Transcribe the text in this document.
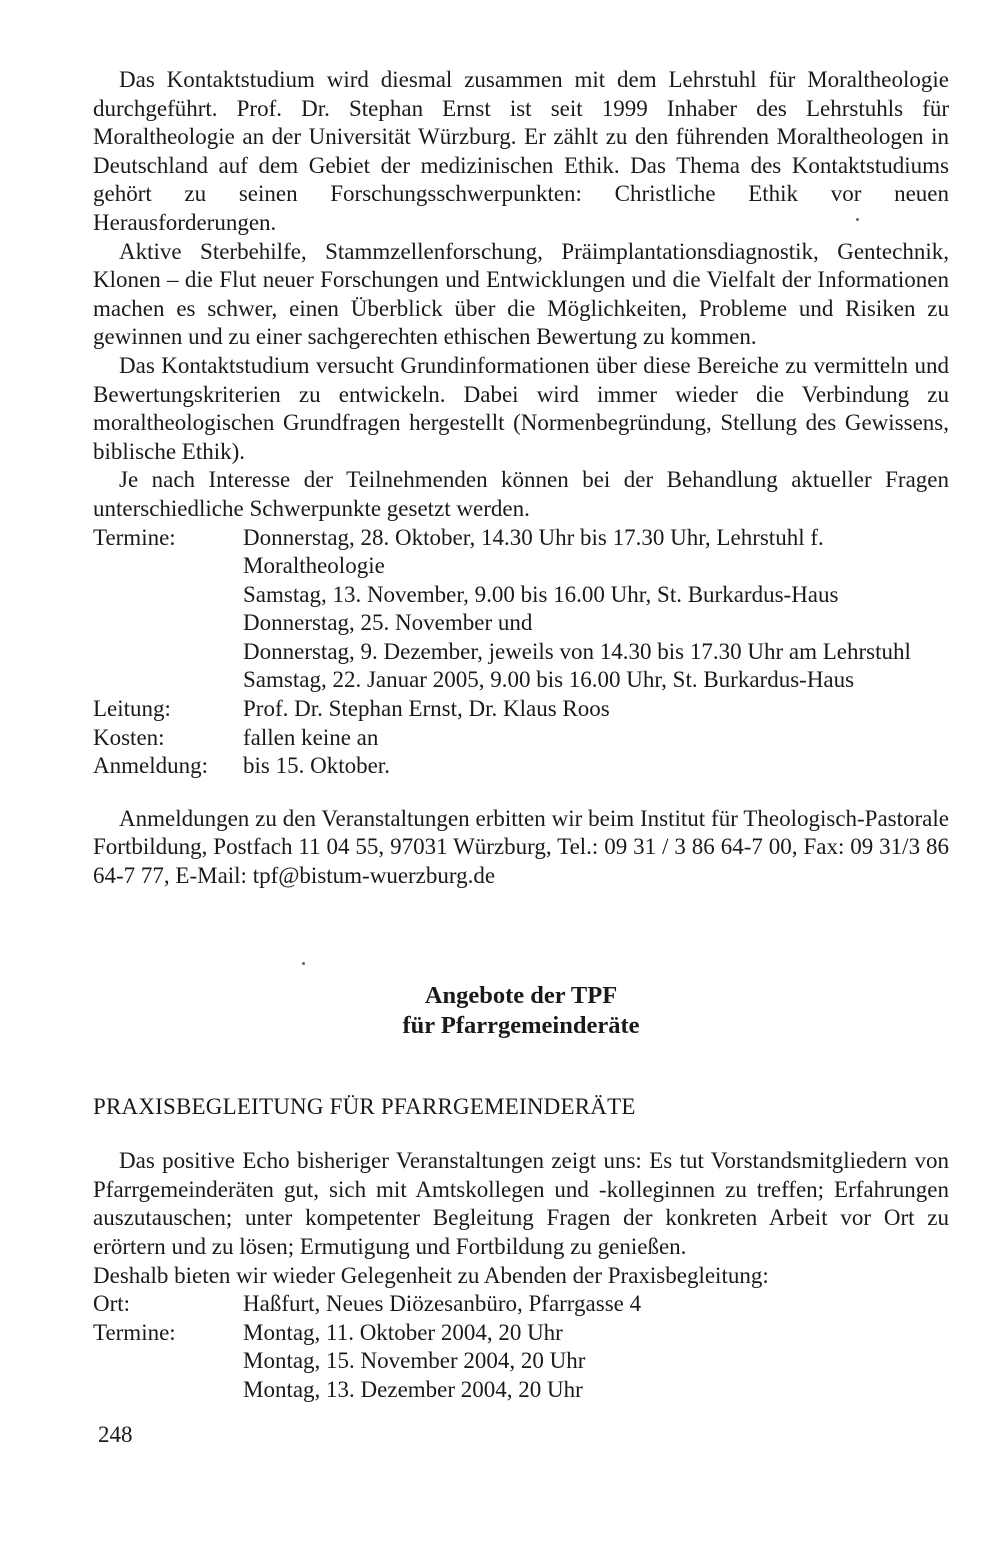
Das Kontaktstudium wird diesmal zusammen mit dem Lehrstuhl für Moraltheologie durchgeführt. Prof. Dr. Stephan Ernst ist seit 1999 Inhaber des Lehrstuhls für Moraltheologie an der Universität Würzburg. Er zählt zu den führenden Moraltheologen in Deutschland auf dem Gebiet der medizinischen Ethik. Das Thema des Kontaktstudiums gehört zu seinen Forschungsschwerpunkten: Christliche Ethik vor neuen Herausforderungen.

Aktive Sterbehilfe, Stammzellenforschung, Präimplantationsdiagnostik, Gentechnik, Klonen – die Flut neuer Forschungen und Entwicklungen und die Vielfalt der Informationen machen es schwer, einen Überblick über die Möglichkeiten, Probleme und Risiken zu gewinnen und zu einer sachgerechten ethischen Bewertung zu kommen.

Das Kontaktstudium versucht Grundinformationen über diese Bereiche zu vermitteln und Bewertungskriterien zu entwickeln. Dabei wird immer wieder die Verbindung zu moraltheologischen Grundfragen hergestellt (Normenbegründung, Stellung des Gewissens, biblische Ethik).

Je nach Interesse der Teilnehmenden können bei der Behandlung aktueller Fragen unterschiedliche Schwerpunkte gesetzt werden.

Termine:	Donnerstag, 28. Oktober, 14.30 Uhr bis 17.30 Uhr, Lehrstuhl f. Moraltheologie
Samstag, 13. November, 9.00 bis 16.00 Uhr, St. Burkardus-Haus
Donnerstag, 25. November und
Donnerstag, 9. Dezember, jeweils von 14.30 bis 17.30 Uhr am Lehrstuhl
Samstag, 22. Januar 2005, 9.00 bis 16.00 Uhr, St. Burkardus-Haus
Leitung:	Prof. Dr. Stephan Ernst, Dr. Klaus Roos
Kosten:	fallen keine an
Anmeldung:	bis 15. Oktober.

Anmeldungen zu den Veranstaltungen erbitten wir beim Institut für Theologisch-Pastorale Fortbildung, Postfach 11 04 55, 97031 Würzburg, Tel.: 09 31 / 3 86 64-7 00, Fax: 09 31/3 86 64-7 77, E-Mail: tpf@bistum-wuerzburg.de

Angebote der TPF

für Pfarrgemeinderäte

PRAXISBEGLEITUNG FÜR PFARRGEMEINDERÄTE

Das positive Echo bisheriger Veranstaltungen zeigt uns: Es tut Vorstandsmitgliedern von Pfarrgemeinderäten gut, sich mit Amtskollegen und -kolleginnen zu treffen; Erfahrungen auszutauschen; unter kompetenter Begleitung Fragen der konkreten Arbeit vor Ort zu erörtern und zu lösen; Ermutigung und Fortbildung zu genießen.

Deshalb bieten wir wieder Gelegenheit zu Abenden der Praxisbegleitung:

Ort:	Haßfurt, Neues Diözesanbüro, Pfarrgasse 4
Termine:	Montag, 11. Oktober 2004, 20 Uhr
Montag, 15. November 2004, 20 Uhr
Montag, 13. Dezember 2004, 20 Uhr
248
